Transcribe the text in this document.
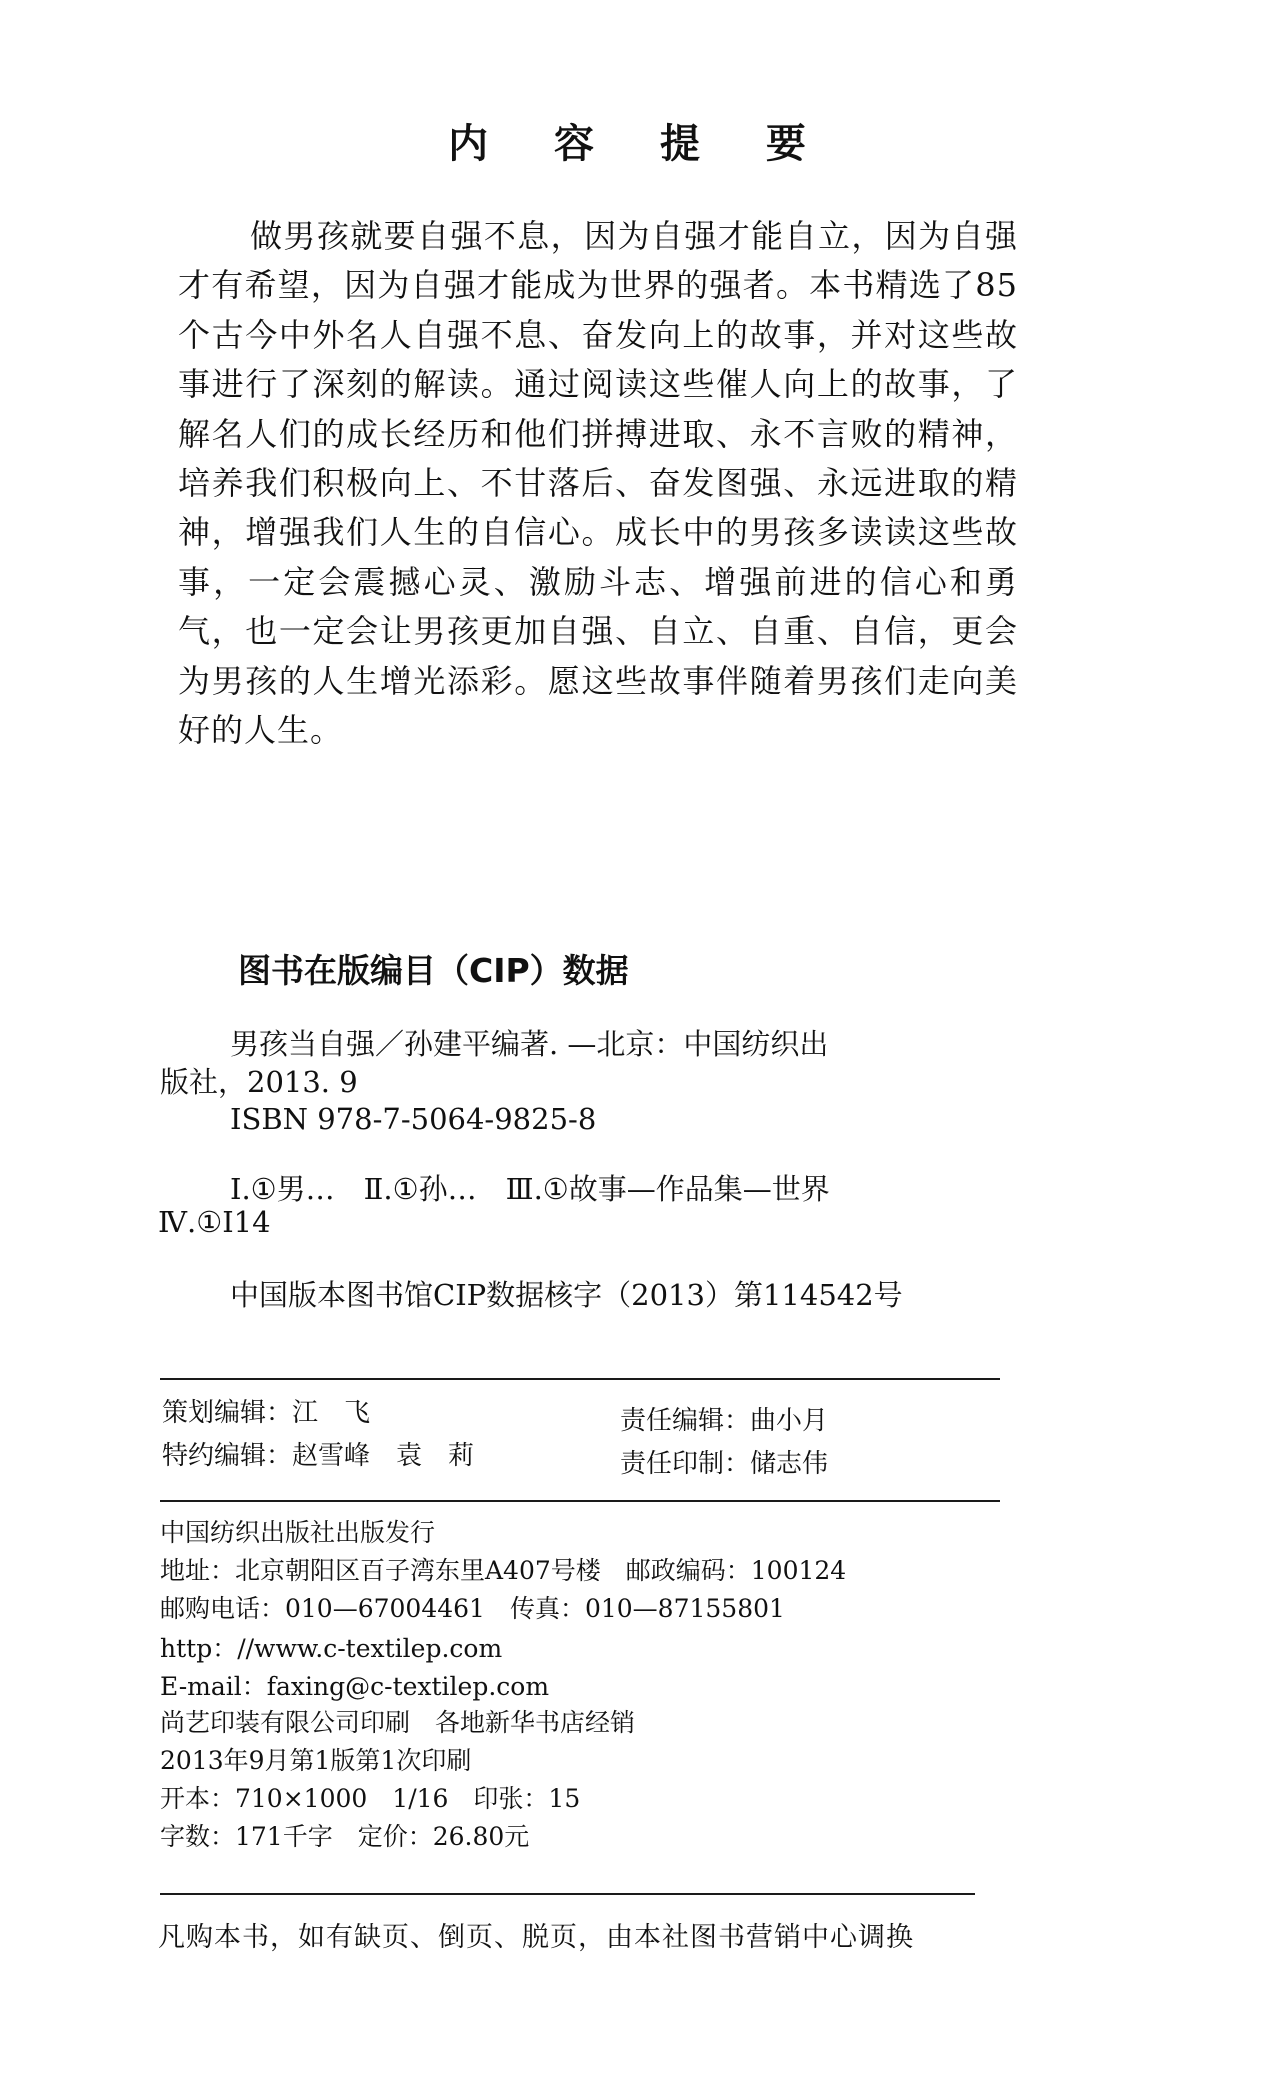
内 容 提 要

做男孩就要自强不息，因为自强才能自立，因为自强才有希望，因为自强才能成为世界的强者。本书精选了85个古今中外名人自强不息、奋发向上的故事，并对这些故事进行了深刻的解读。通过阅读这些催人向上的故事，了解名人们的成长经历和他们拼搏进取、永不言败的精神，培养我们积极向上、不甘落后、奋发图强、永远进取的精神，增强我们人生的自信心。成长中的男孩多读读这些故事，一定会震撼心灵、激励斗志、增强前进的信心和勇气，也一定会让男孩更加自强、自立、自重、自信，更会为男孩的人生增光添彩。愿这些故事伴随着男孩们走向美好的人生。

图书在版编目（CIP）数据
男孩当自强／孙建平编著. —北京：中国纺织出
版社，2013. 9
ISBN 978-7-5064-9825-8
Ⅰ.①男…　Ⅱ.①孙…　Ⅲ.①故事—作品集—世界
Ⅳ.①I14
中国版本图书馆CIP数据核字（2013）第114542号
策划编辑：江　飞
特约编辑：赵雪峰　袁　莉
责任编辑：曲小月
责任印制：储志伟
中国纺织出版社出版发行
地址：北京朝阳区百子湾东里A407号楼　邮政编码：100124
邮购电话：010—67004461　传真：010—87155801
http：//www.c-textilep.com
E-mail：faxing@c-textilep.com
尚艺印装有限公司印刷　各地新华书店经销
2013年9月第1版第1次印刷
开本：710×1000　1/16　印张：15
字数：171千字　定价：26.80元
凡购本书，如有缺页、倒页、脱页，由本社图书营销中心调换
